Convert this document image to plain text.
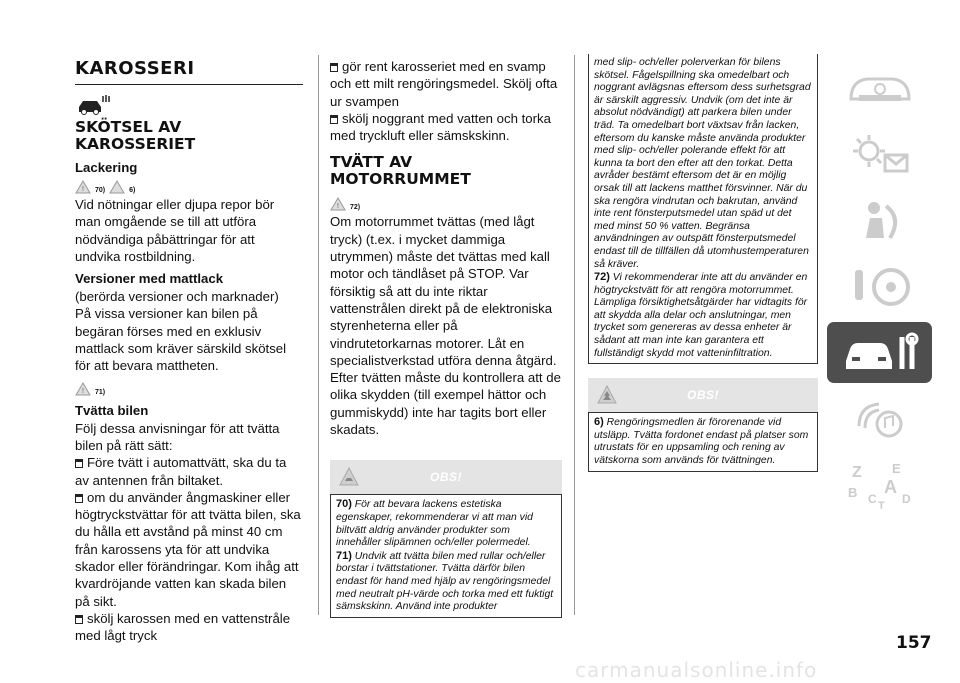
KAROSSERI
SKÖTSEL AV
KAROSSERIET
Lackering
! 70)	6)

Vid nötningar eller djupa repor bör man omgående se till att utföra nödvändiga påbättringar för att undvika rostbildning.

Versioner med mattlack

(berörda versioner och marknader)

På vissa versioner kan bilen på begäran förses med en exklusiv mattlack som kräver särskild skötsel för att bevara mattheten.

! 71)
Tvätta bilen

Följ dessa anvisningar för att tvätta bilen på rätt sätt:

Före tvätt i automattvätt, ska du ta av antennen från biltaket.

om du använder ångmaskiner eller högtryckstvättar för att tvätta bilen, ska du hålla ett avstånd på minst 40 cm från karossens yta för att undvika skador eller förändringar. Kom ihåg att kvardröjande vatten kan skada bilen på sikt.

skölj karossen med en vattenstråle med lågt tryck

gör rent karosseriet med en svamp och ett milt rengöringsmedel. Skölj ofta ur svampen

skölj noggrant med vatten och torka med tryckluft eller sämskskinn.

TVÄTT AV
MOTORRUMMET
! 72)

Om motorrummet tvättas (med lågt tryck) (t.ex. i mycket dammiga utrymmen) måste det tvättas med kall motor och tändlåset på STOP. Var försiktig så att du inte riktar vattenstrålen direkt på de elektroniska styrenheterna eller på vindrutetorkarnas motorer. Låt en specialistverkstad utföra denna åtgärd. Efter tvätten måste du kontrollera att de olika skydden (till exempel hättor och gummiskydd) inte har tagits bort eller skadats.

OBS!
70) För att bevara lackens estetiska egenskaper, rekommenderar vi att man vid biltvätt aldrig använder produkter som innehåller slipämnen och/eller polermedel.
71) Undvik att tvätta bilen med rullar och/eller borstar i tvättstationer. Tvätta därför bilen endast för hand med hjälp av rengöringsmedel med neutralt pH-värde och torka med ett fuktigt sämskskinn. Använd inte produkter
med slip- och/eller polerverkan för bilens skötsel. Fågelspillning ska omedelbart och noggrant avlägsnas eftersom dess surhetsgrad är särskilt aggressiv. Undvik (om det inte är absolut nödvändigt) att parkera bilen under träd. Ta omedelbart bort växtsav från lacken, eftersom du kanske måste använda produkter med slip- och/eller polerande effekt för att kunna ta bort den efter att den torkat. Detta avråder bestämt eftersom det är en möjlig orsak till att lackens matthet försvinner. När du ska rengöra vindrutan och bakrutan, använd inte rent fönsterputsmedel utan späd ut det med minst 50 % vatten. Begränsa användningen av outspätt fönsterputsmedel endast till de tillfällen då utomhustemperaturen så kräver.
72) Vi rekommenderar inte att du använder en högtryckstvätt för att rengöra motorrummet. Lämpliga försiktighetsåtgärder har vidtagits för att skydda alla delar och anslutningar, men trycket som genereras av dessa enheter är sådant att man inte kan garantera ett fullständigt skydd mot vatteninfiltration.
OBS!
6) Rengöringsmedlen är förorenande vid utsläpp. Tvätta fordonet endast på platser som utrustats för en uppsamling och rening av vätskorna som används för tvättningen.
Z E
B A
C T D
157
carmanualsonline.info
